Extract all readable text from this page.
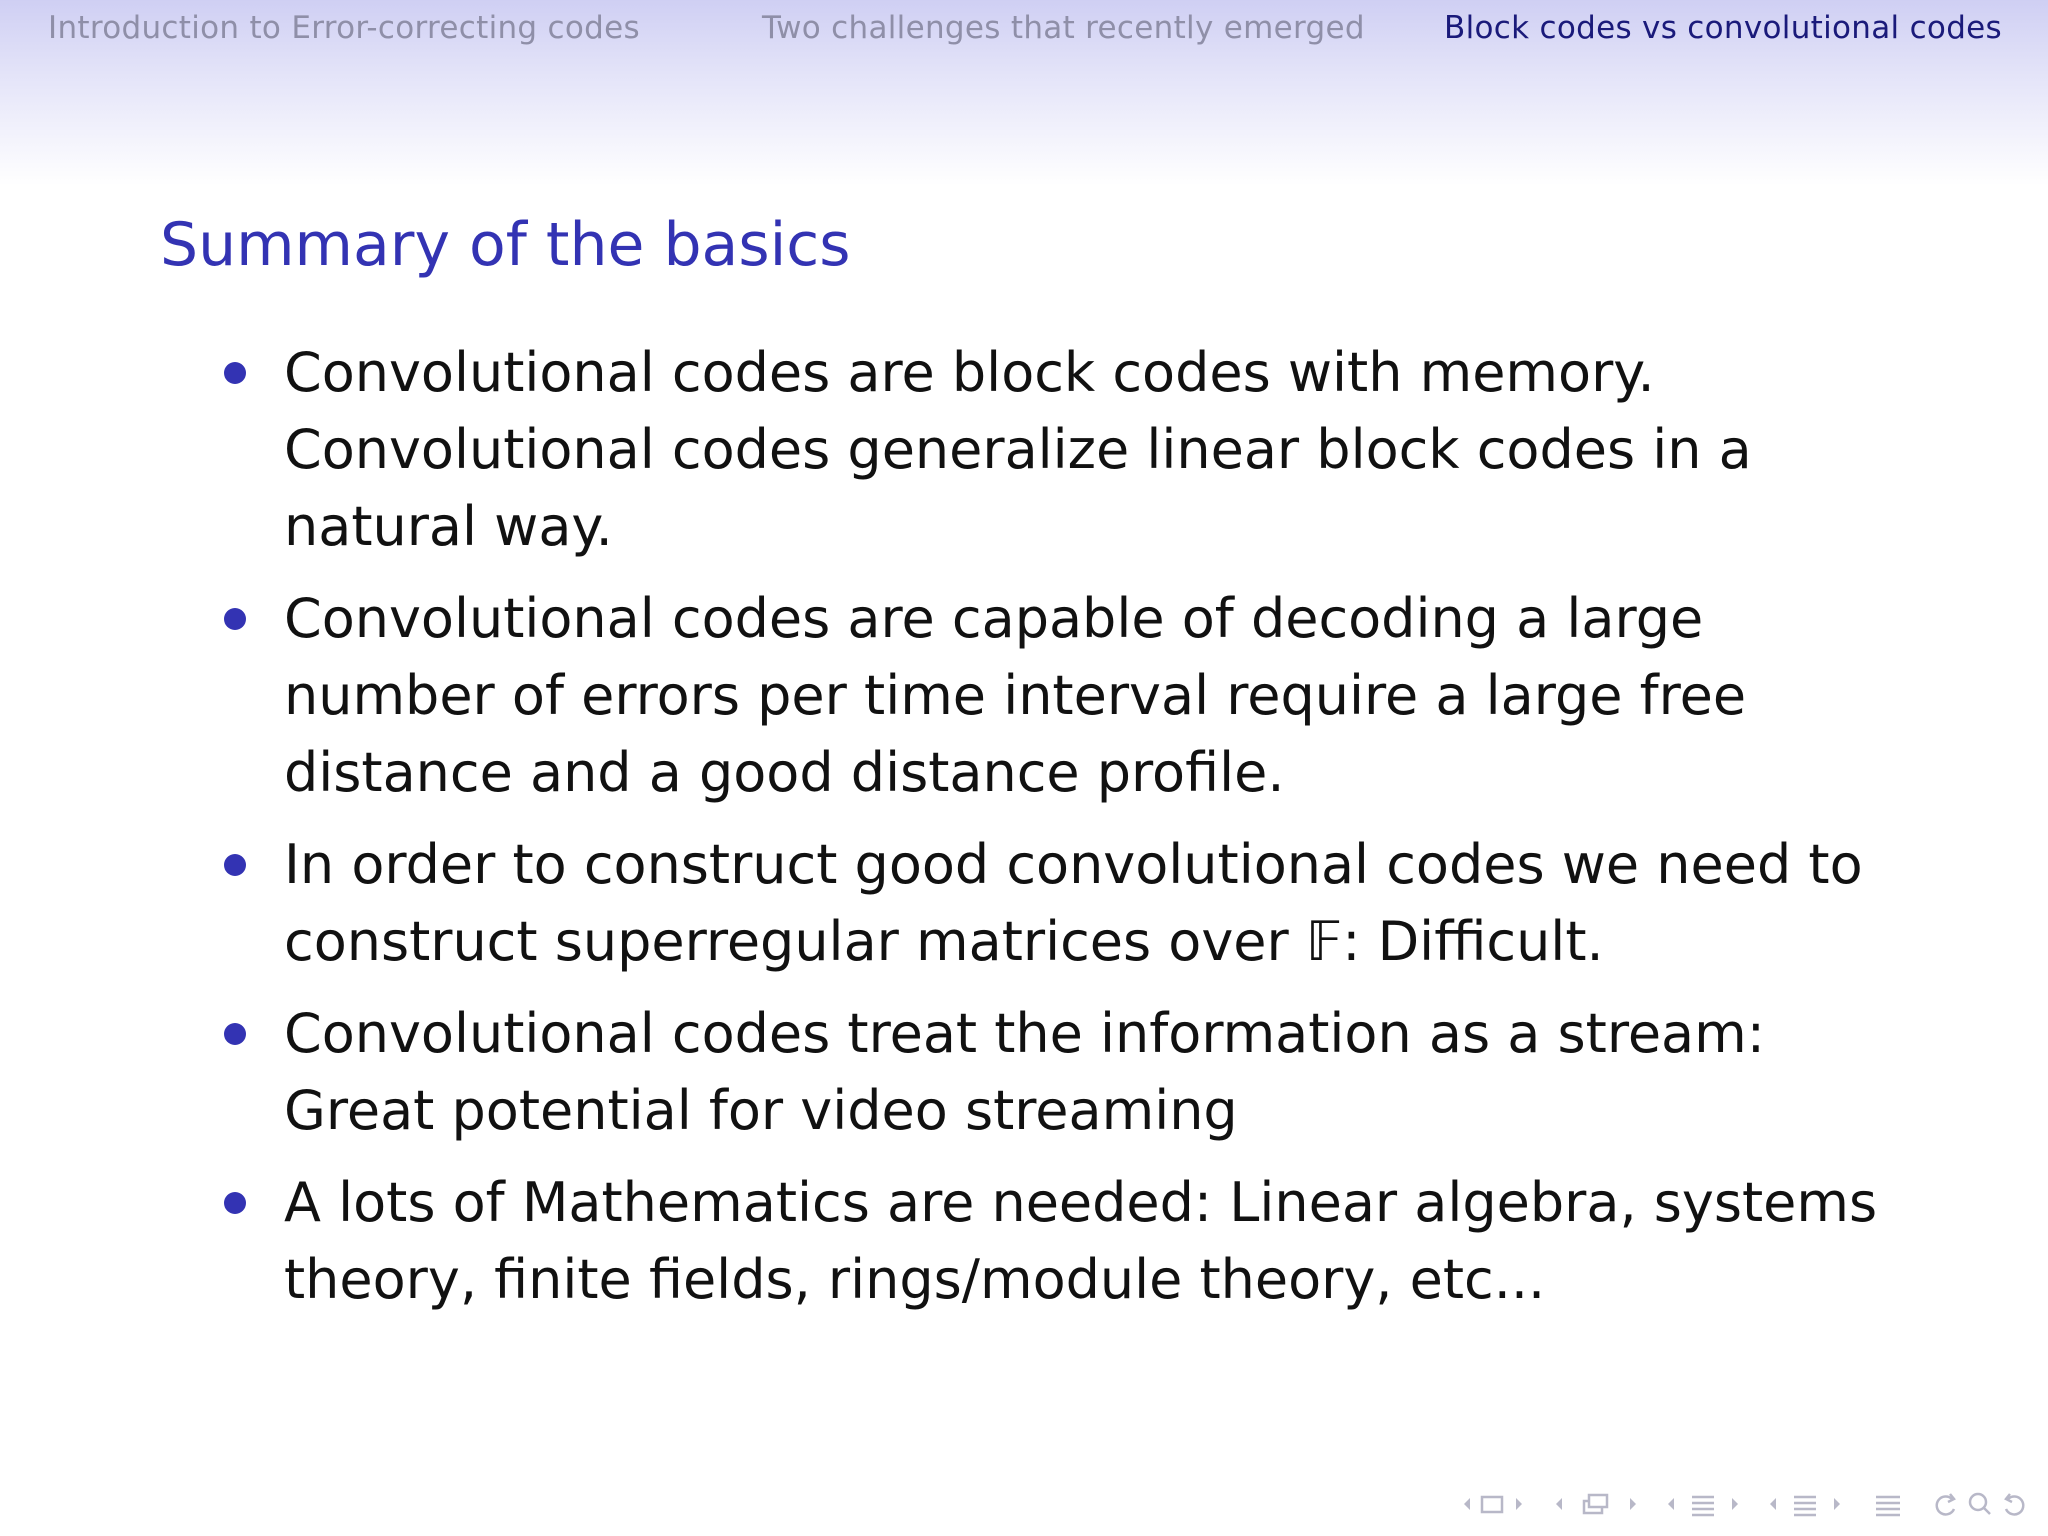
Introduction to Error-correcting codes	Two challenges that recently emerged	Block codes vs convolutional codes
Summary of the basics
Convolutional codes are block codes with memory. Convolutional codes generalize linear block codes in a natural way.
Convolutional codes are capable of decoding a large number of errors per time interval require a large free distance and a good distance profile.
In order to construct good convolutional codes we need to construct superregular matrices over 𝔽: Difficult.
Convolutional codes treat the information as a stream: Great potential for video streaming
A lots of Mathematics are needed: Linear algebra, systems theory, finite fields, rings/module theory, etc...
